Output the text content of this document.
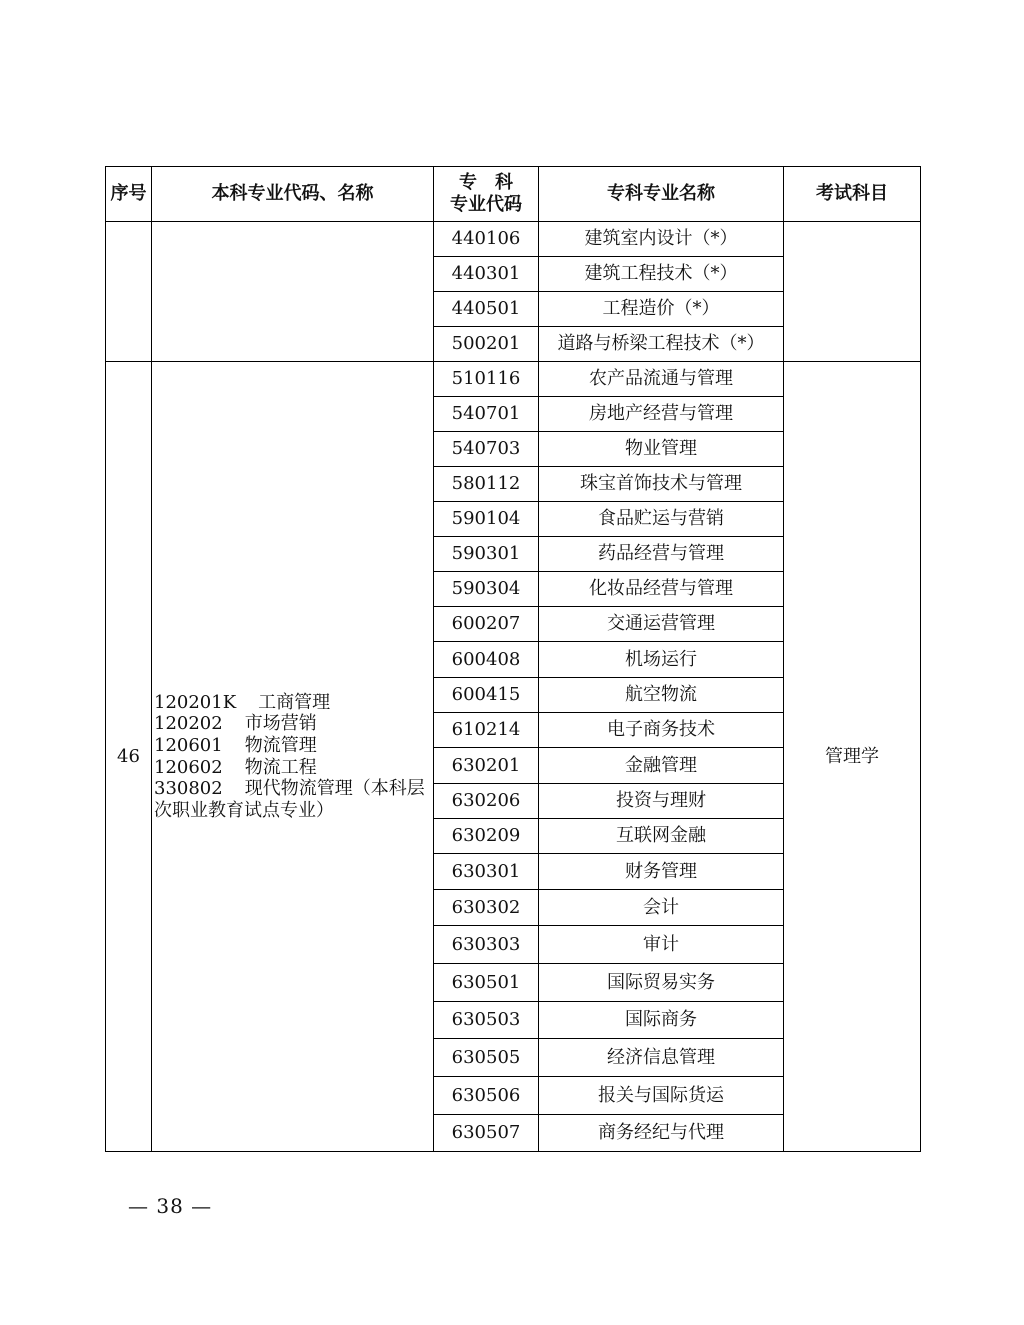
序号	本科专业代码、名称	专　科
专业代码	专科专业名称	考试科目
		440106	建筑室内设计（*）	
		440301	建筑工程技术（*）	
		440501	工程造价（*）	
		500201	道路与桥梁工程技术（*）	
46	120201K 工商管理
120202 市场营销
120601 物流管理
120602 物流工程
330802 现代物流管理（本科层次职业教育试点专业）	510116	农产品流通与管理	管理学
		540701	房地产经营与管理	
		540703	物业管理	
		580112	珠宝首饰技术与管理	
		590104	食品贮运与营销	
		590301	药品经营与管理	
		590304	化妆品经营与管理	
		600207	交通运营管理	
		600408	机场运行	
		600415	航空物流	
		610214	电子商务技术	
		630201	金融管理	
		630206	投资与理财	
		630209	互联网金融	
		630301	财务管理	
		630302	会计	
		630303	审计	
		630501	国际贸易实务	
		630503	国际商务	
		630505	经济信息管理	
		630506	报关与国际货运	
		630507	商务经纪与代理	
— 38 —
